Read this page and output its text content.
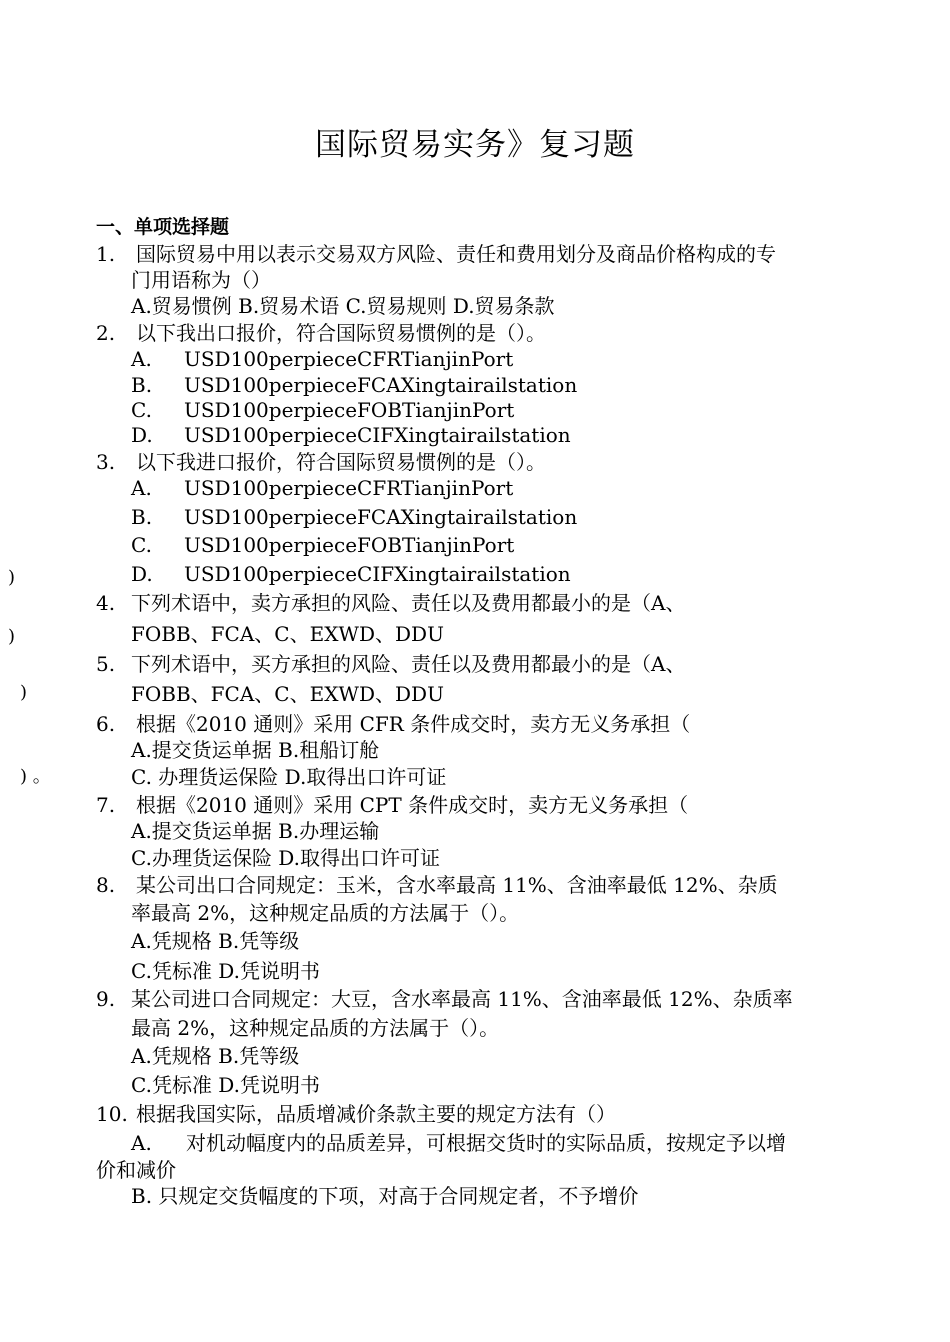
国际贸易实务》复习题
一、单项选择题
1. 国际贸易中用以表示交易双方风险、责任和费用划分及商品价格构成的专
门用语称为（）
A.贸易惯例 B.贸易术语 C.贸易规则 D.贸易条款
2. 以下我出口报价，符合国际贸易惯例的是（）。
A. USD100perpieceCFRTianjinPort
B. USD100perpieceFCAXingtairailstation
C. USD100perpieceFOBTianjinPort
D. USD100perpieceCIFXingtairailstation
3. 以下我进口报价，符合国际贸易惯例的是（）。
A. USD100perpieceCFRTianjinPort
B. USD100perpieceFCAXingtairailstation
C. USD100perpieceFOBTianjinPort
)	D. USD100perpieceCIFXingtairailstation
4. 下列术语中，卖方承担的风险、责任以及费用都最小的是（A、
)	FOBB、FCA、C、EXWD、DDU
5. 下列术语中，买方承担的风险、责任以及费用都最小的是（A、
)	FOBB、FCA、C、EXWD、DDU
6. 根据《2010 通则》采用 CFR 条件成交时，卖方无义务承担（
A.提交货运单据 B.租船订舱
) 。	C. 办理货运保险 D.取得出口许可证
7. 根据《2010 通则》采用 CPT 条件成交时，卖方无义务承担（
A.提交货运单据 B.办理运输
C.办理货运保险 D.取得出口许可证
8. 某公司出口合同规定：玉米，含水率最高 11%、含油率最低 12%、杂质
率最高 2%，这种规定品质的方法属于（）。
A.凭规格 B.凭等级
C.凭标准 D.凭说明书
9. 某公司进口合同规定：大豆，含水率最高 11%、含油率最低 12%、杂质率
最高 2%，这种规定品质的方法属于（）。
A.凭规格 B.凭等级
C.凭标准 D.凭说明书
10. 根据我国实际，品质增减价条款主要的规定方法有（）
A. 对机动幅度内的品质差异，可根据交货时的实际品质，按规定予以增
价和减价
B. 只规定交货幅度的下项，对高于合同规定者，不予增价
